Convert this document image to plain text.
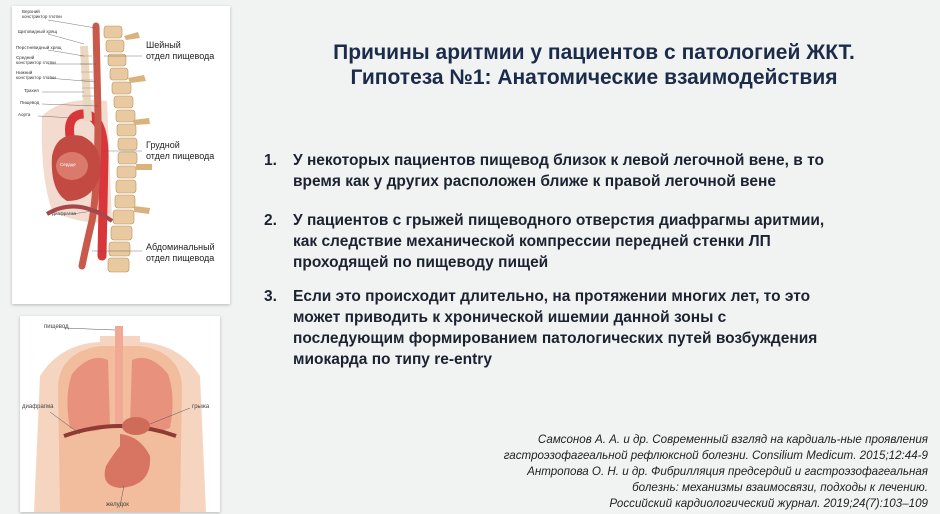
Верхний
констриктор глотки
Щитовидный хрящ
Перстневидный хрящ
Средний
констриктор глотки
Нижний
констриктор глотки
Трахея
Пищевод
Аорта
Сердце
Диафрагма
Шейный
отдел пищевода
Грудной
отдел пищевода
Абдоминальный
отдел пищевода
пищевод
диафрагма	грыжа
желудок
Причины аритмии у пациентов с патологией ЖКТ.
Гипотеза №1: Анатомические взаимодействия
1. У некоторых пациентов пищевод близок к левой легочной вене, в то

время как у других расположен ближе к правой легочной вене

2. У пациентов с грыжей пищеводного отверстия диафрагмы аритмии,

как следствие механической компрессии передней стенки ЛП

проходящей по пищеводу пищей

3. Если это происходит длительно, на протяжении многих лет, то это

может приводить к хронической ишемии данной зоны с

последующим формированием патологических путей возбуждения

миокарда по типу re-entry

Самсонов А. А. и др. Современный взгляд на кардиаль-ные проявления
гастроэзофагеальной рефлюксной болезни. Consilium Medicum. 2015;12:44-9
Антропова О. Н. и др. Фибрилляция предсердий и гастроэзофагеальная
болезнь: механизмы взаимосвязи, подходы к лечению.
Российский кардиологический журнал. 2019;24(7):103–109
